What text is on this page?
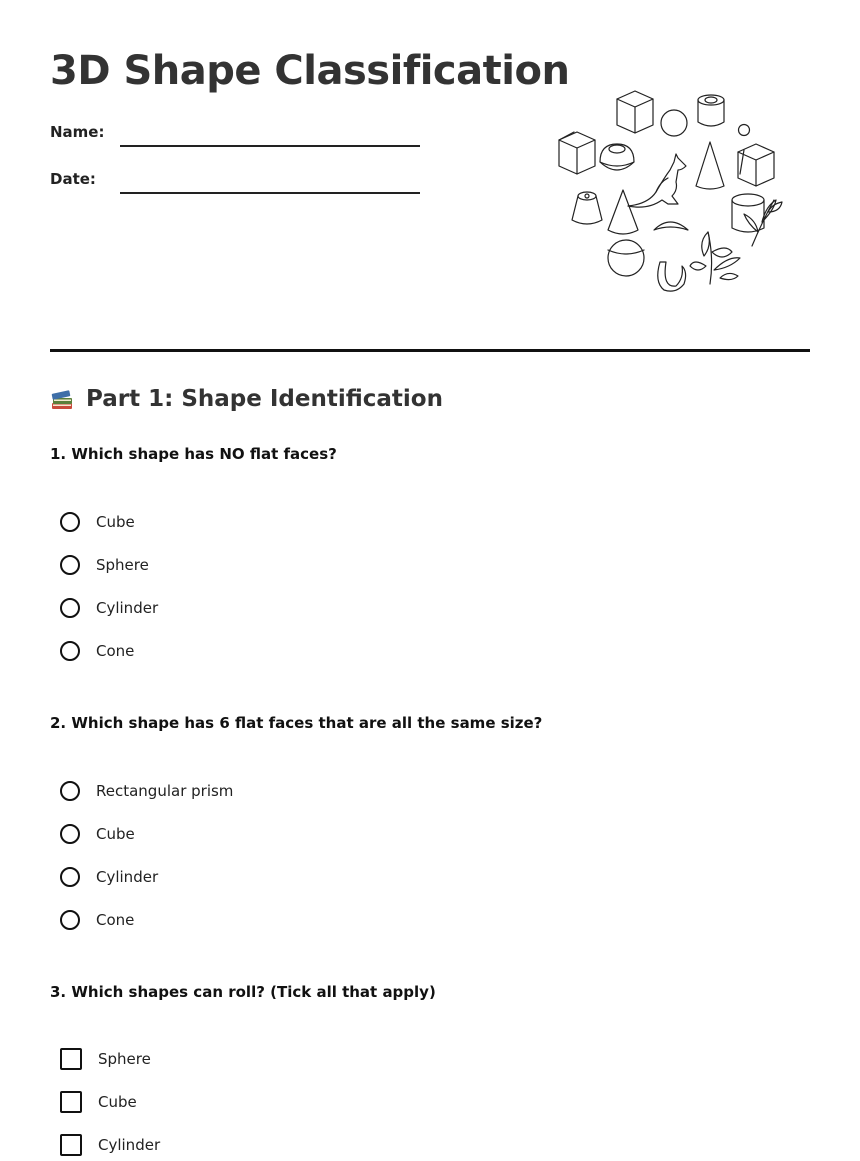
3D Shape Classification
Name:
Date:
Part 1: Shape Identification
1. Which shape has NO flat faces?
Cube
Sphere
Cylinder
Cone
2. Which shape has 6 flat faces that are all the same size?
Rectangular prism
Cube
Cylinder
Cone
3. Which shapes can roll? (Tick all that apply)
Sphere
Cube
Cylinder
